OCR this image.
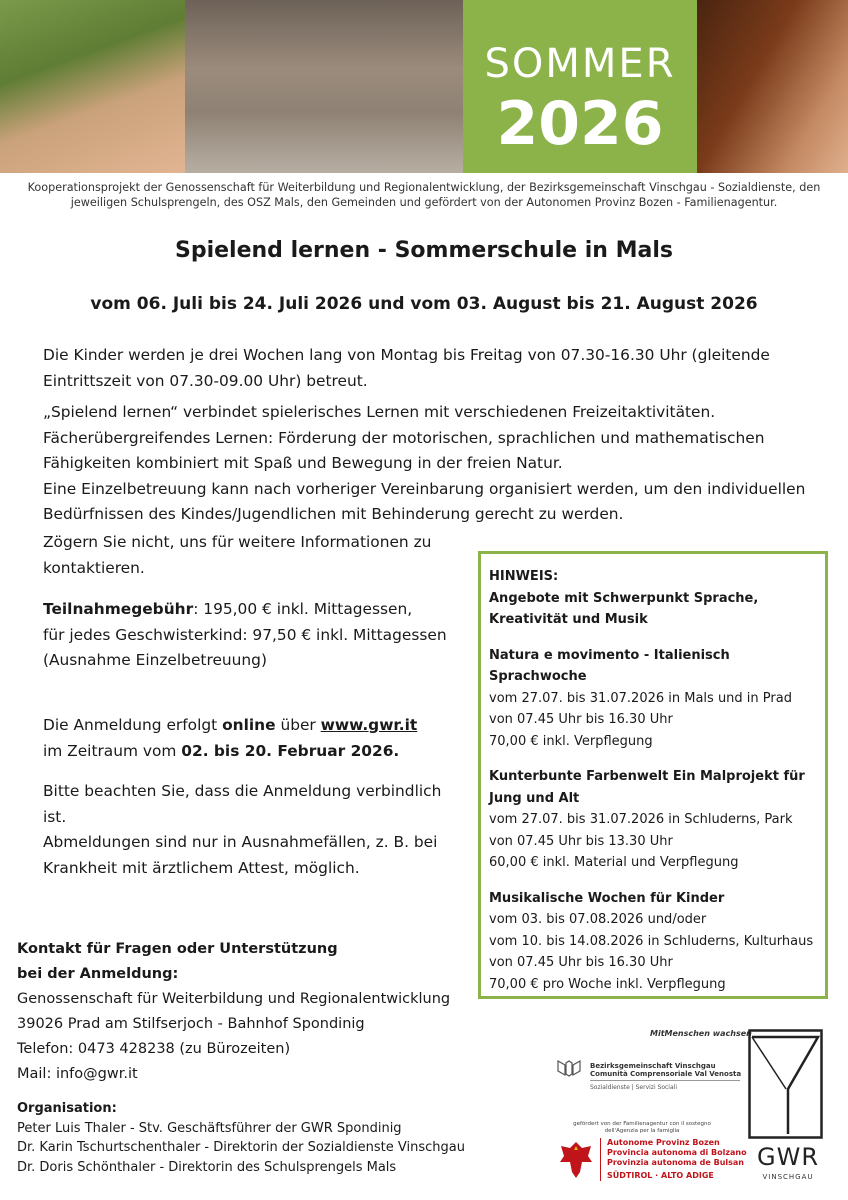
SOMMER
2026
Kooperationsprojekt der Genossenschaft für Weiterbildung und Regionalentwicklung, der Bezirksgemeinschaft Vinschgau - Sozialdienste, den jeweiligen Schulsprengeln, des OSZ Mals, den Gemeinden und gefördert von der Autonomen Provinz Bozen - Familienagentur.
Spielend lernen - Sommerschule in Mals
vom 06. Juli bis 24. Juli 2026 und vom 03. August bis 21. August 2026
Die Kinder werden je drei Wochen lang von Montag bis Freitag von 07.30-16.30 Uhr (gleitende Eintrittszeit von 07.30-09.00 Uhr) betreut.
„Spielend lernen“ verbindet spielerisches Lernen mit verschiedenen Freizeitaktivitäten.
Fächerübergreifendes Lernen: Förderung der motorischen, sprachlichen und mathematischen Fähigkeiten kombiniert mit Spaß und Bewegung in der freien Natur.
Eine Einzelbetreuung kann nach vorheriger Vereinbarung organisiert werden, um den individuellen Bedürfnissen des Kindes/Jugendlichen mit Behinderung gerecht zu werden.
Zögern Sie nicht, uns für weitere Informationen zu kontaktieren.
Teilnahmegebühr: 195,00 € inkl. Mittagessen,
für jedes Geschwisterkind: 97,50 € inkl. Mittagessen
(Ausnahme Einzelbetreuung)
Die Anmeldung erfolgt online über www.gwr.it
im Zeitraum vom 02. bis 20. Februar 2026.
Bitte beachten Sie, dass die Anmeldung verbindlich ist.
Abmeldungen sind nur in Ausnahmefällen, z. B. bei Krankheit mit ärztlichem Attest, möglich.
Kontakt für Fragen oder Unterstützung
bei der Anmeldung:
Genossenschaft für Weiterbildung und Regionalentwicklung
39026 Prad am Stilfserjoch - Bahnhof Spondinig
Telefon: 0473 428238 (zu Bürozeiten)
Mail: info@gwr.it
Organisation:
Peter Luis Thaler - Stv. Geschäftsführer der GWR Spondinig
Dr. Karin Tschurtschenthaler - Direktorin der Sozialdienste Vinschgau
Dr. Doris Schönthaler - Direktorin des Schulsprengels Mals
HINWEIS:
Angebote mit Schwerpunkt Sprache, Kreativität und Musik
Natura e movimento - Italienisch Sprachwoche
vom 27.07. bis 31.07.2026 in Mals und in Prad
von 07.45 Uhr bis 16.30 Uhr
70,00 € inkl. Verpflegung
Kunterbunte Farbenwelt Ein Malprojekt für Jung und Alt
vom 27.07. bis 31.07.2026 in Schluderns, Park
von 07.45 Uhr bis 13.30 Uhr
60,00 € inkl. Material und Verpflegung
Musikalische Wochen für Kinder
vom 03. bis 07.08.2026 und/oder
vom 10. bis 14.08.2026 in Schluderns, Kulturhaus
von 07.45 Uhr bis 16.30 Uhr
70,00 € pro Woche inkl. Verpflegung
MitMenschen wachsen
Bezirksgemeinschaft Vinschgau
Comunità Comprensoriale Val Venosta
Sozialdienste | Servizi Sociali
gefördert von der Familienagentur con il sostegno dell'Agenzia per la famiglia
Autonome Provinz Bozen
Provincia autonoma di Bolzano
Provinzia autonoma de Bulsan
SÜDTIROL · ALTO ADIGE
GWR
VINSCHGAU
